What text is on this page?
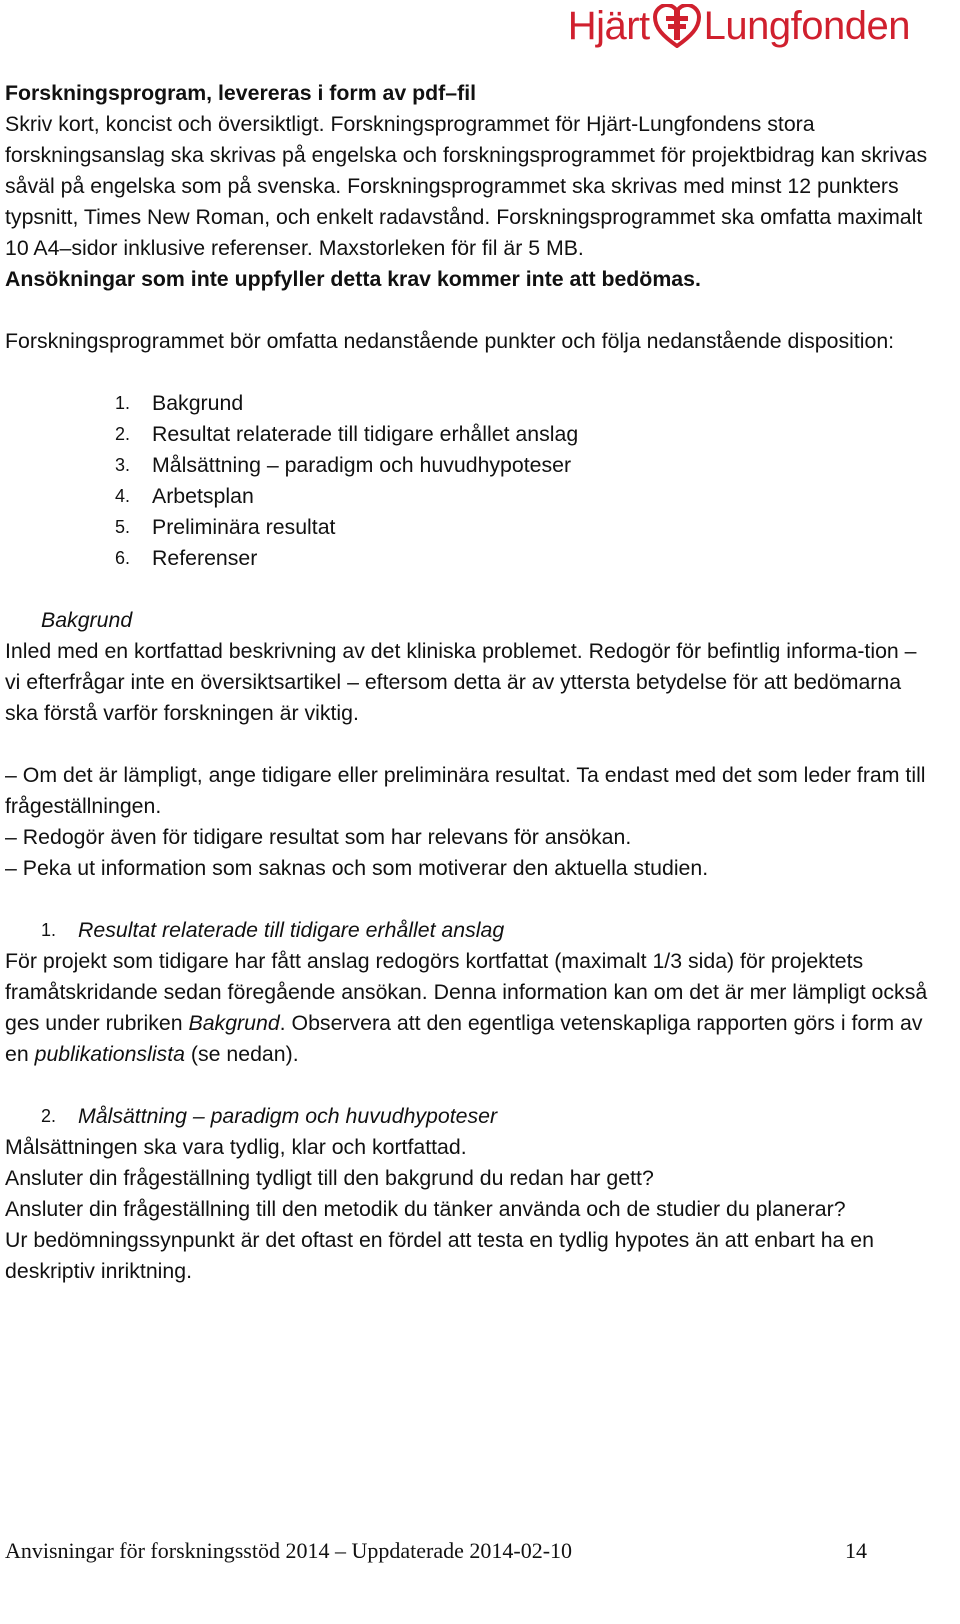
Hjärt Lungfonden

Forskningsprogram, levereras i form av pdf–fil

Skriv kort, koncist och översiktligt. Forskningsprogrammet för Hjärt-Lungfondens stora forskningsanslag ska skrivas på engelska och forskningsprogrammet för projektbidrag kan skrivas såväl på engelska som på svenska. Forskningsprogrammet ska skrivas med minst 12 punkters typsnitt, Times New Roman, och enkelt radavstånd. Forskningsprogrammet ska omfatta maximalt 10 A4–sidor inklusive referenser. Maxstorleken för fil är 5 MB.
Ansökningar som inte uppfyller detta krav kommer inte att bedömas.

Forskningsprogrammet bör omfatta nedanstående punkter och följa nedanstående disposition:

1.	Bakgrund
2.	Resultat relaterade till tidigare erhållet anslag
3.	Målsättning – paradigm och huvudhypoteser
4.	Arbetsplan
5.	Preliminära resultat
6.	Referenser

Bakgrund

Inled med en kortfattad beskrivning av det kliniska problemet. Redogör för befintlig informa-tion – vi efterfrågar inte en översiktsartikel – eftersom detta är av yttersta betydelse för att bedömarna ska förstå varför forskningen är viktig.

– Om det är lämpligt, ange tidigare eller preliminära resultat. Ta endast med det som leder fram till frågeställningen.

– Redogör även för tidigare resultat som har relevans för ansökan.

– Peka ut information som saknas och som motiverar den aktuella studien.

1.	Resultat relaterade till tidigare erhållet anslag

För projekt som tidigare har fått anslag redogörs kortfattat (maximalt 1/3 sida) för projektets framåtskridande sedan föregående ansökan. Denna information kan om det är mer lämpligt också ges under rubriken Bakgrund. Observera att den egentliga vetenskapliga rapporten görs i form av en publikationslista (se nedan).

2.	Målsättning – paradigm och huvudhypoteser

Målsättningen ska vara tydlig, klar och kortfattad.

Ansluter din frågeställning tydligt till den bakgrund du redan har gett?

Ansluter din frågeställning till den metodik du tänker använda och de studier du planerar?

Ur bedömningssynpunkt är det oftast en fördel att testa en tydlig hypotes än att enbart ha en deskriptiv inriktning.

Anvisningar för forskningsstöd 2014 – Uppdaterade 2014-02-10	14
